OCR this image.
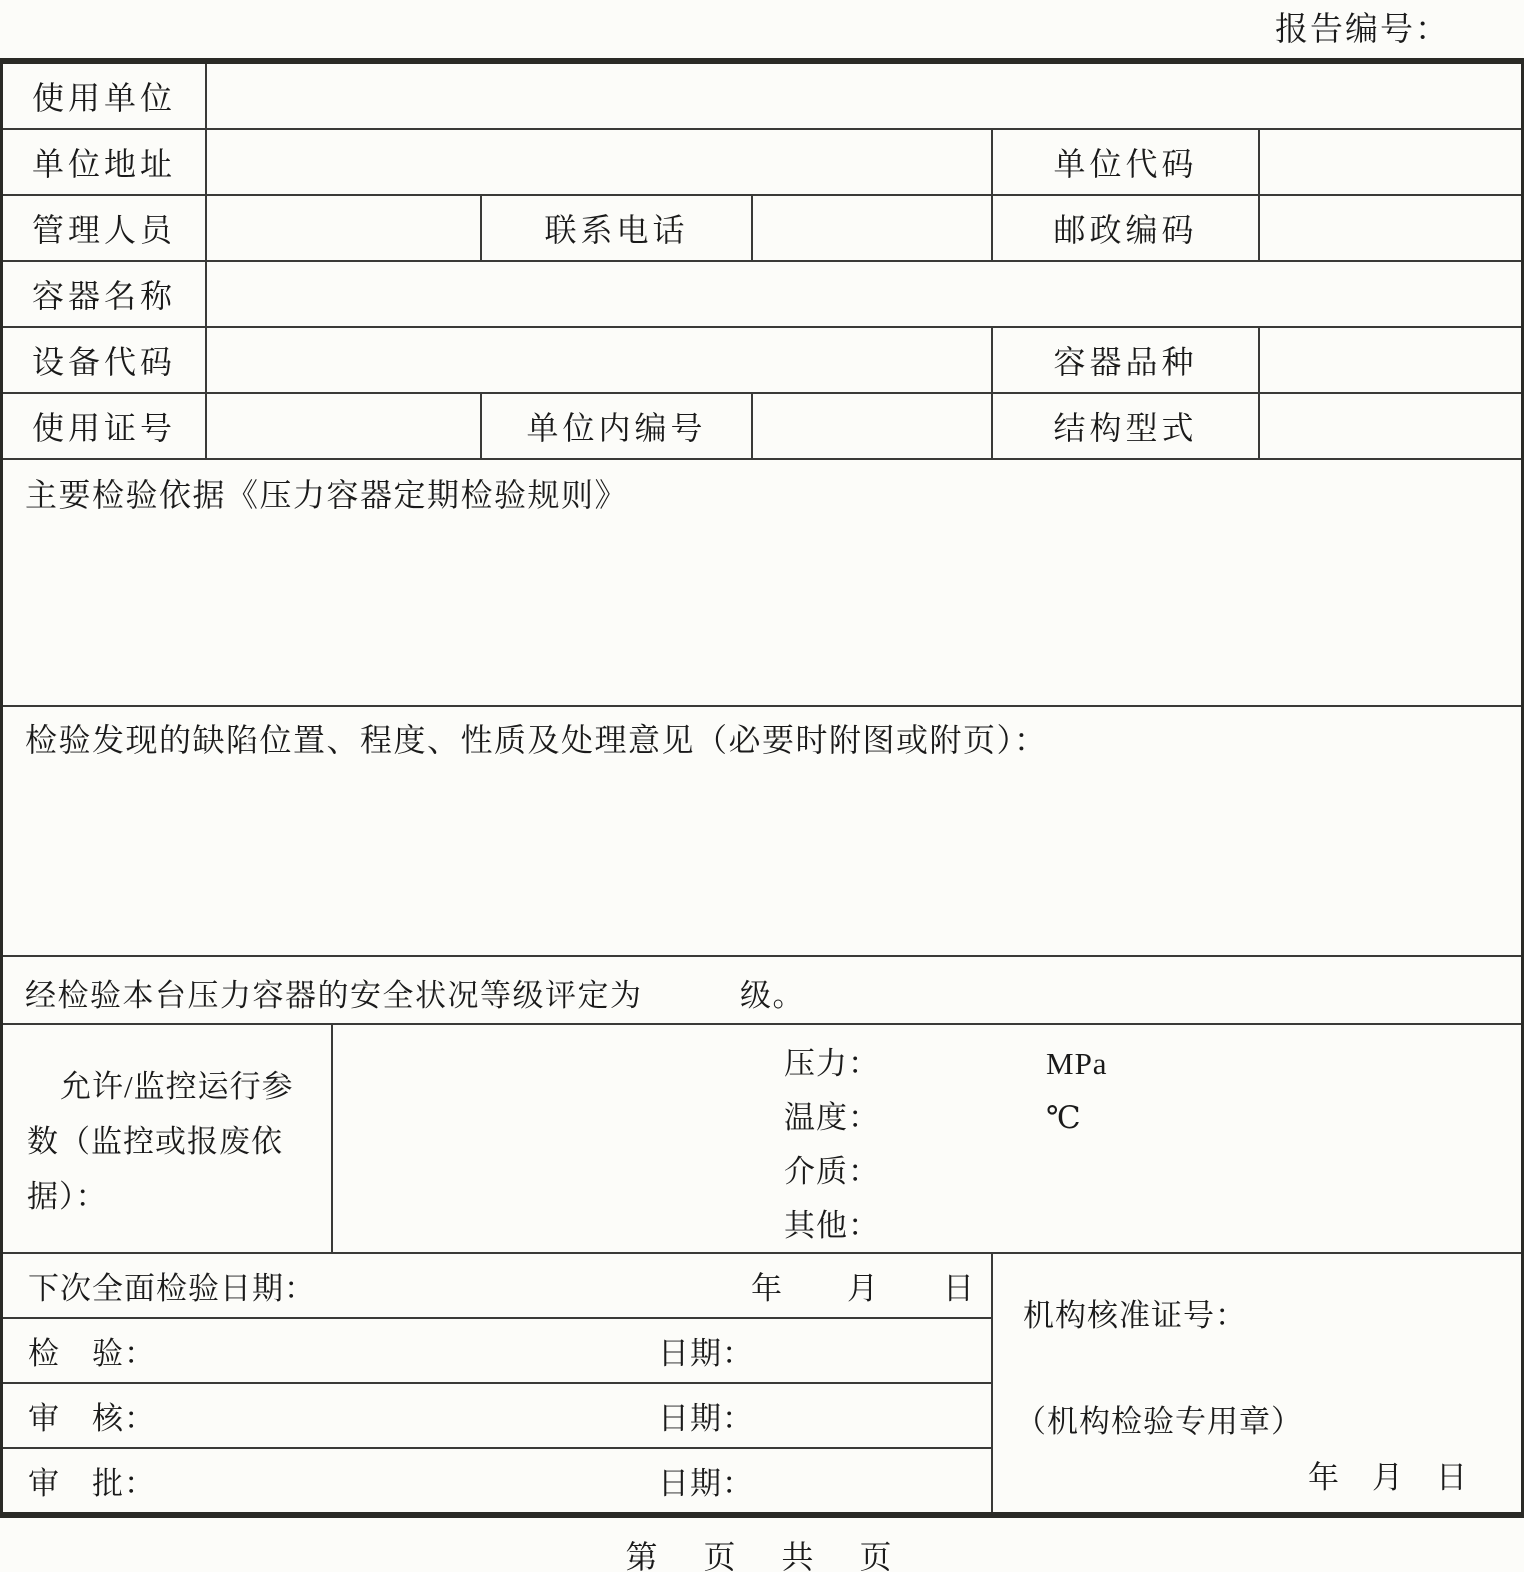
报告编号：
使用单位
单位地址	单位代码
管理人员	联系电话	邮政编码
容器名称
设备代码	容器品种
使用证号	单位内编号	结构型式
主要检验依据《压力容器定期检验规则》
检验发现的缺陷位置、程度、性质及处理意见（必要时附图或附页）：
经检验本台压力容器的安全状况等级评定为　　　级。
允许/监控运行参数（监控或报废依据）：
压力：	MPa
温度：	℃
介质：
其他：
下次全面检验日期：	年　　月　　日
检　验：	日期：
审　核：	日期：
审　批：	日期：
机构核准证号：
（机构检验专用章）
年　月　日
第　页　共　页
